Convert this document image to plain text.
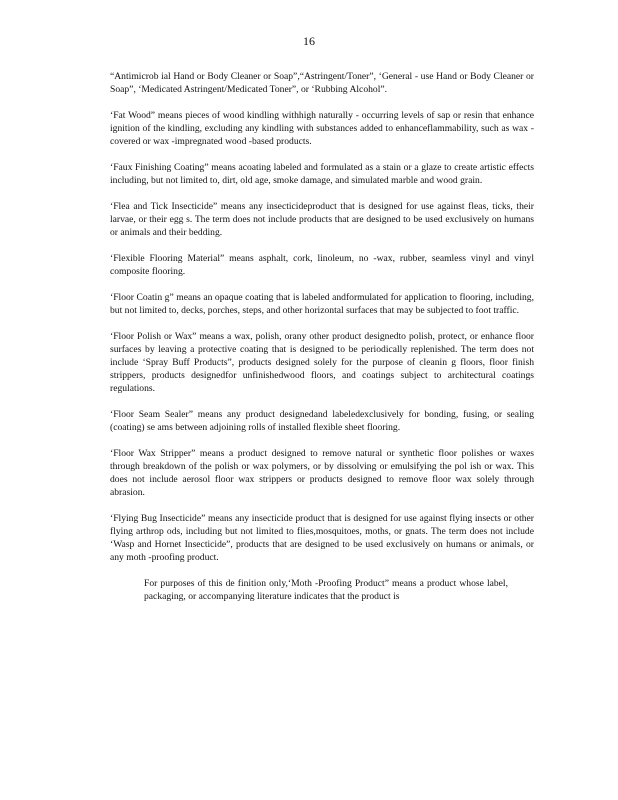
16

“Antimicrob ial Hand or Body Cleaner or Soap”,“Astringent/Toner”, ‘General - use Hand or Body Cleaner or Soap”, ‘Medicated Astringent/Medicated Toner”, or ‘Rubbing Alcohol”.

‘Fat Wood” means pieces of wood kindling withhigh naturally - occurring levels of sap or resin that enhance ignition of the kindling, excluding any kindling with substances added to enhanceflammability, such as wax - covered or wax -impregnated wood -based products.

‘Faux Finishing Coating” means acoating labeled and formulated as a stain or a glaze to create artistic effects including, but not limited to, dirt, old age, smoke damage, and simulated marble and wood grain.

‘Flea and Tick Insecticide” means any insecticideproduct that is designed for use against fleas, ticks, their larvae, or their egg s. The term does not include products that are designed to be used exclusively on humans or animals and their bedding.

‘Flexible Flooring Material” means asphalt, cork, linoleum, no -wax, rubber, seamless vinyl and vinyl composite flooring.

‘Floor Coatin g” means an opaque coating that is labeled andformulated for application to flooring, including, but not limited to, decks, porches, steps, and other horizontal surfaces that may be subjected to foot traffic.

‘Floor Polish or Wax” means a wax, polish, orany other product designedto polish, protect, or enhance floor surfaces by leaving a protective coating that is designed to be periodically replenished. The term does not include ‘Spray Buff Products”, products designed solely for the purpose of cleanin g floors, floor finish strippers, products designedfor unfinishedwood floors, and coatings subject to architectural coatings regulations.

‘Floor Seam Sealer” means any product designedand labeledexclusively for bonding, fusing, or sealing (coating) se ams between adjoining rolls of installed flexible sheet flooring.

‘Floor Wax Stripper” means a product designed to remove natural or synthetic floor polishes or waxes through breakdown of the polish or wax polymers, or by dissolving or emulsifying the pol ish or wax. This does not include aerosol floor wax strippers or products designed to remove floor wax solely through abrasion.

‘Flying Bug Insecticide” means any insecticide product that is designed for use against flying insects or other flying arthrop ods, including but not limited to flies,mosquitoes, moths, or gnats. The term does not include ‘Wasp and Hornet Insecticide”, products that are designed to be used exclusively on humans or animals, or any moth -proofing product.

For purposes of this de finition only,‘Moth -Proofing Product” means a product whose label, packaging, or accompanying literature indicates that the product is
